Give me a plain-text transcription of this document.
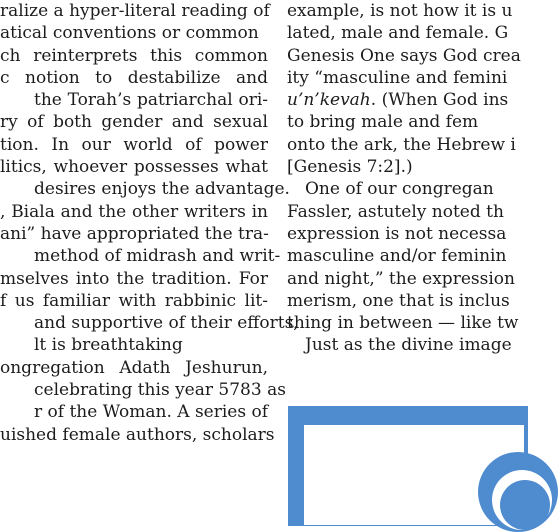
ralize a hyper-literal reading of
atical conventions or common
ch reinterprets this common
c notion to destabilize and
the Torah’s patriarchal ori-
ry of both gender and sexual
tion. In our world of power
litics, whoever possesses what
desires enjoys the advantage.
, Biala and the other writers in
ani” have appropriated the tra-
method of midrash and writ-
mselves into the tradition. For
f us familiar with rabbinic lit-
and supportive of their efforts,
lt is breathtaking
ongregation Adath Jeshurun,
celebrating this year 5783 as
r of the Woman. A series of
uished female authors, scholars
example, is not how it is u
lated, male and female. G
Genesis One says God crea
ity “masculine and femini
u’n’kevah. (When God ins
to bring male and fem
onto the ark, the Hebrew i
[Genesis 7:2].)
One of our congregan
Fassler, astutely noted th
expression is not necessa
masculine and/or feminin
and night,” the expression
merism, one that is inclus
thing in between — like tw
Just as the divine image
